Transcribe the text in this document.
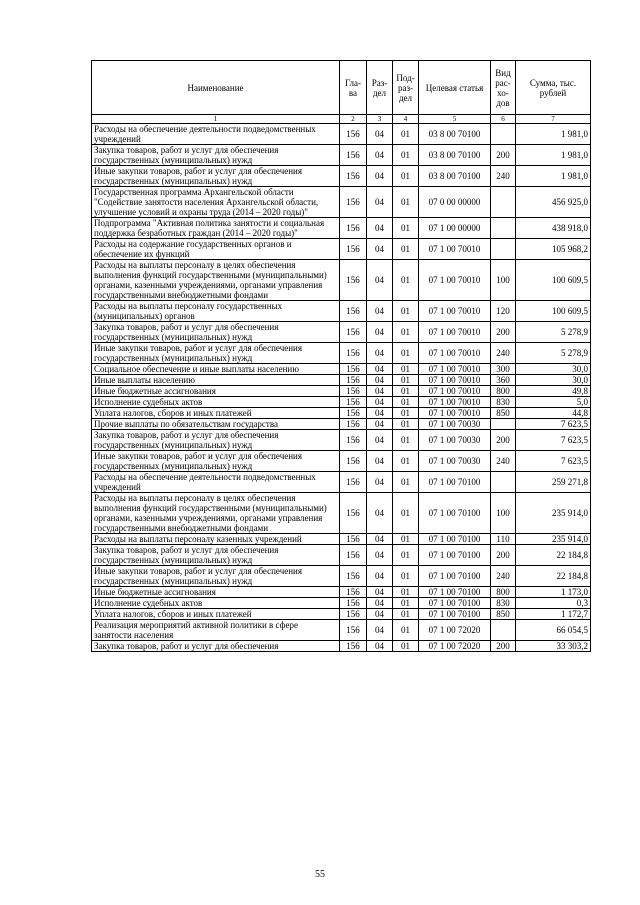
Наименование	Гла-ва	Раз-дел	Под-раз-дел	Целевая статья	Вид рас-хо-дов	Сумма, тыс. рублей
1	2	3	4	5	6	7
Расходы на обеспечение деятельности подведомственных учреждений	156	04	01	03 8 00 70100		1 981,0
Закупка товаров, работ и услуг для обеспечения государственных (муниципальных) нужд	156	04	01	03 8 00 70100	200	1 981,0
Иные закупки товаров, работ и услуг для обеспечения государственных (муниципальных) нужд	156	04	01	03 8 00 70100	240	1 981,0
Государственная программа Архангельской области "Содействие занятости населения Архангельской области, улучшение условий и охраны труда (2014 – 2020 годы)"	156	04	01	07 0 00 00000		456 925,0
Подпрограмма "Активная политика занятости и социальная поддержка безработных граждан (2014 – 2020 годы)"	156	04	01	07 1 00 00000		438 918,0
Расходы на содержание государственных органов и обеспечение их функций	156	04	01	07 1 00 70010		105 968,2
Расходы на выплаты персоналу в целях обеспечения выполнения функций государственными (муниципальными) органами, казенными учреждениями, органами управления государственными внебюджетными фондами	156	04	01	07 1 00 70010	100	100 609,5
Расходы на выплаты персоналу государственных (муниципальных) органов	156	04	01	07 1 00 70010	120	100 609,5
Закупка товаров, работ и услуг для обеспечения государственных (муниципальных) нужд	156	04	01	07 1 00 70010	200	5 278,9
Иные закупки товаров, работ и услуг для обеспечения государственных (муниципальных) нужд	156	04	01	07 1 00 70010	240	5 278,9
Социальное обеспечение и иные выплаты населению	156	04	01	07 1 00 70010	300	30,0
Иные выплаты населению	156	04	01	07 1 00 70010	360	30,0
Иные бюджетные ассигнования	156	04	01	07 1 00 70010	800	49,8
Исполнение судебных актов	156	04	01	07 1 00 70010	830	5,0
Уплата налогов, сборов и иных платежей	156	04	01	07 1 00 70010	850	44,8
Прочие выплаты по обязательствам государства	156	04	01	07 1 00 70030		7 623,5
Закупка товаров, работ и услуг для обеспечения государственных (муниципальных) нужд	156	04	01	07 1 00 70030	200	7 623,5
Иные закупки товаров, работ и услуг для обеспечения государственных (муниципальных) нужд	156	04	01	07 1 00 70030	240	7 623,5
Расходы на обеспечение деятельности подведомственных учреждений	156	04	01	07 1 00 70100		259 271,8
Расходы на выплаты персоналу в целях обеспечения выполнения функций государственными (муниципальными) органами, казенными учреждениями, органами управления государственными внебюджетными фондами	156	04	01	07 1 00 70100	100	235 914,0
Расходы на выплаты персоналу казенных учреждений	156	04	01	07 1 00 70100	110	235 914,0
Закупка товаров, работ и услуг для обеспечения государственных (муниципальных) нужд	156	04	01	07 1 00 70100	200	22 184,8
Иные закупки товаров, работ и услуг для обеспечения государственных (муниципальных) нужд	156	04	01	07 1 00 70100	240	22 184,8
Иные бюджетные ассигнования	156	04	01	07 1 00 70100	800	1 173,0
Исполнение судебных актов	156	04	01	07 1 00 70100	830	0,3
Уплата налогов, сборов и иных платежей	156	04	01	07 1 00 70100	850	1 172,7
Реализация мероприятий активной политики в сфере занятости населения	156	04	01	07 1 00 72020		66 054,5
Закупка товаров, работ и услуг для обеспечения	156	04	01	07 1 00 72020	200	33 303,2
55
